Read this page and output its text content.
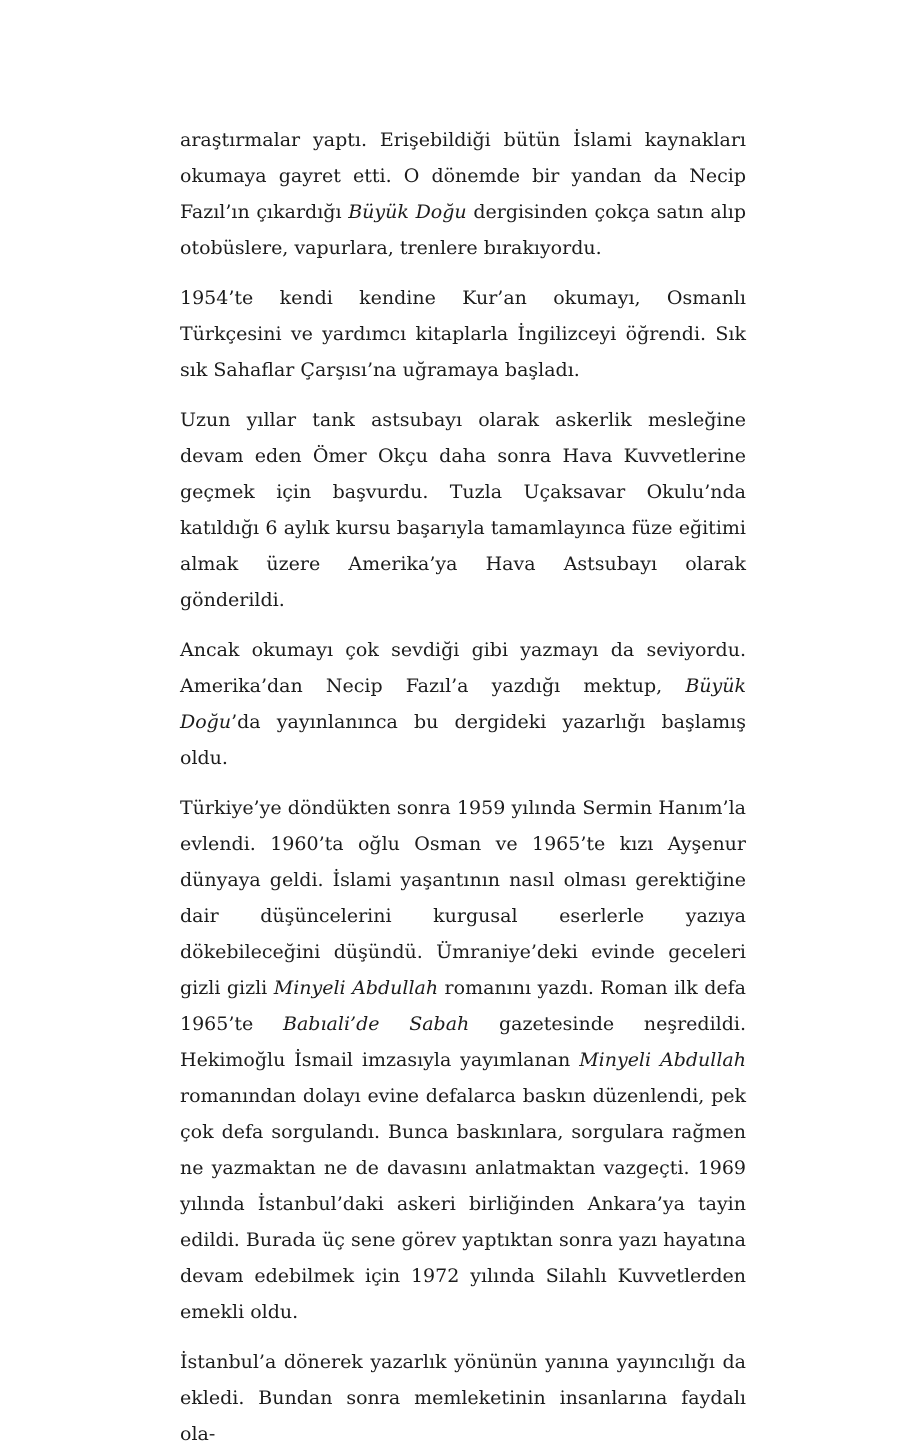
araştırmalar yaptı. Erişebildiği bütün İslami kaynakları okumaya gayret etti. O dönemde bir yandan da Necip Fazıl’ın çıkardığı Büyük Doğu dergisinden çokça satın alıp otobüslere, vapurlara, trenlere bırakıyordu.

1954’te kendi kendine Kur’an okumayı, Osmanlı Türkçesini ve yardımcı kitaplarla İngilizceyi öğrendi. Sık sık Sahaflar Çarşısı’na uğramaya başladı.

Uzun yıllar tank astsubayı olarak askerlik mesleğine devam eden Ömer Okçu daha sonra Hava Kuvvetlerine geçmek için başvurdu. Tuzla Uçaksavar Okulu’nda katıldığı 6 aylık kursu başarıyla tamamlayınca füze eğitimi almak üzere Amerika’ya Hava Astsubayı olarak gönderildi.

Ancak okumayı çok sevdiği gibi yazmayı da seviyordu. Amerika’dan Necip Fazıl’a yazdığı mektup, Büyük Doğu’da yayınlanınca bu dergideki yazarlığı başlamış oldu.

Türkiye’ye döndükten sonra 1959 yılında Sermin Hanım’la evlendi. 1960’ta oğlu Osman ve 1965’te kızı Ayşenur dünyaya geldi. İslami yaşantının nasıl olması gerektiğine dair düşüncelerini kurgusal eserlerle yazıya dökebileceğini düşündü. Ümraniye’deki evinde geceleri gizli gizli Minyeli Abdullah romanını yazdı. Roman ilk defa 1965’te Babıali’de Sabah gazetesinde neşredildi. Hekimoğlu İsmail imzasıyla yayımlanan Minyeli Abdullah romanından dolayı evine defalarca baskın düzenlendi, pek çok defa sorgulandı. Bunca baskınlara, sorgulara rağmen ne yazmaktan ne de davasını anlatmaktan vazgeçti. 1969 yılında İstanbul’daki askeri birliğinden Ankara’ya tayin edildi. Burada üç sene görev yaptıktan sonra yazı hayatına devam edebilmek için 1972 yılında Silahlı Kuvvetlerden emekli oldu.

İstanbul’a dönerek yazarlık yönünün yanına yayıncılığı da ekledi. Bundan sonra memleketinin insanlarına faydalı ola-
